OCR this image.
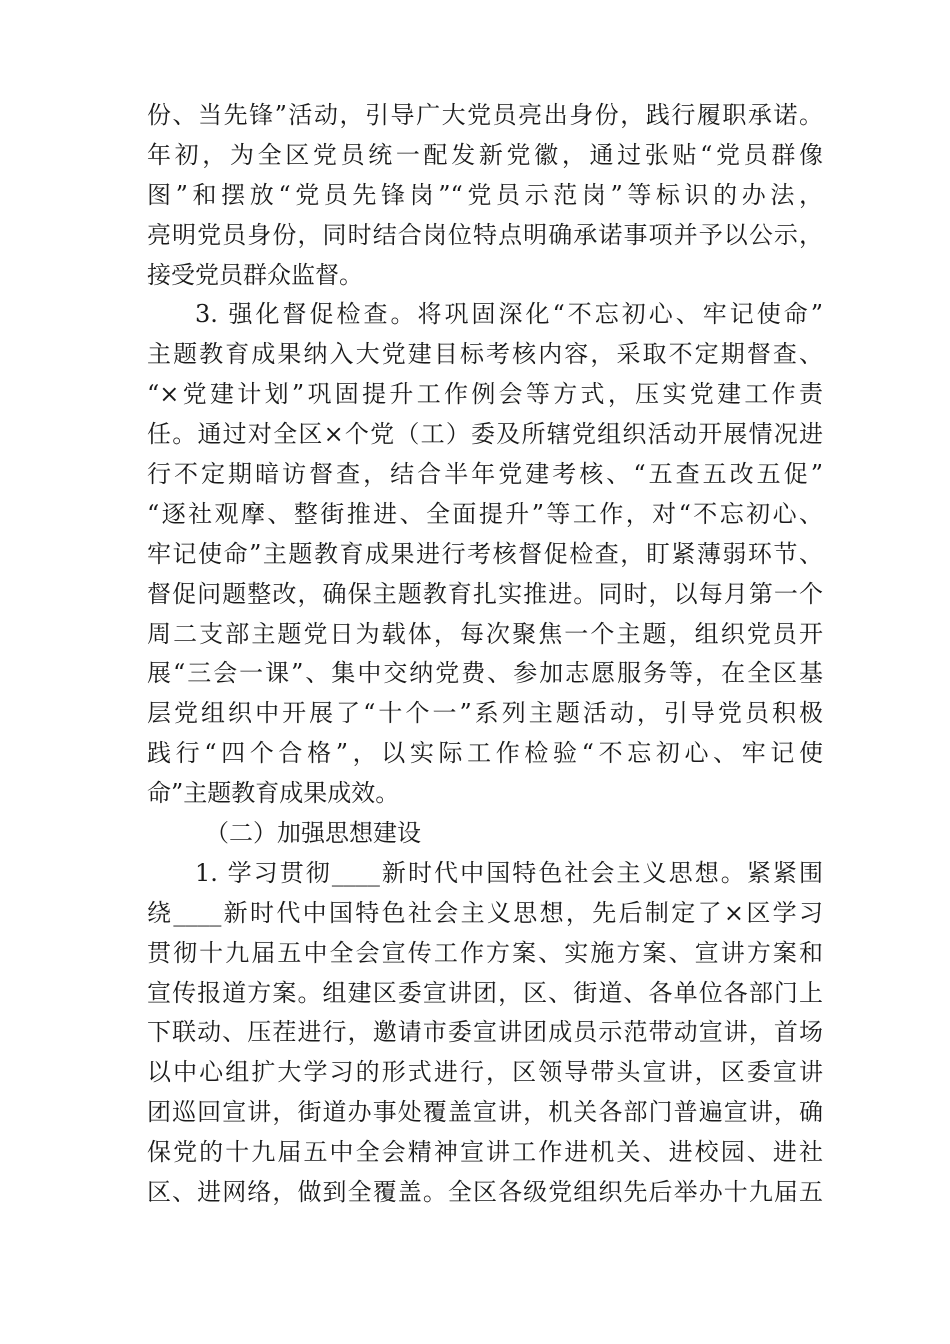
份、当先锋”活动，引导广大党员亮出身份，践行履职承诺。
年初，为全区党员统一配发新党徽，通过张贴“党员群像
图”和摆放“党员先锋岗”“党员示范岗”等标识的办法，
亮明党员身份，同时结合岗位特点明确承诺事项并予以公示，
接受党员群众监督。
3. 强化督促检查。将巩固深化“不忘初心、牢记使命”
主题教育成果纳入大党建目标考核内容，采取不定期督查、
“×党建计划”巩固提升工作例会等方式，压实党建工作责
任。通过对全区×个党（工）委及所辖党组织活动开展情况进
行不定期暗访督查，结合半年党建考核、“五查五改五促”
“逐社观摩、整街推进、全面提升”等工作，对“不忘初心、
牢记使命”主题教育成果进行考核督促检查，盯紧薄弱环节、
督促问题整改，确保主题教育扎实推进。同时，以每月第一个
周二支部主题党日为载体，每次聚焦一个主题，组织党员开
展“三会一课”、集中交纳党费、参加志愿服务等，在全区基
层党组织中开展了“十个一”系列主题活动，引导党员积极
践行“四个合格”，以实际工作检验“不忘初心、牢记使
命”主题教育成果成效。
（二）加强思想建设
1. 学习贯彻____新时代中国特色社会主义思想。紧紧围
绕____新时代中国特色社会主义思想，先后制定了×区学习
贯彻十九届五中全会宣传工作方案、实施方案、宣讲方案和
宣传报道方案。组建区委宣讲团，区、街道、各单位各部门上
下联动、压茬进行，邀请市委宣讲团成员示范带动宣讲，首场
以中心组扩大学习的形式进行，区领导带头宣讲，区委宣讲
团巡回宣讲，街道办事处覆盖宣讲，机关各部门普遍宣讲，确
保党的十九届五中全会精神宣讲工作进机关、进校园、进社
区、进网络，做到全覆盖。全区各级党组织先后举办十九届五
